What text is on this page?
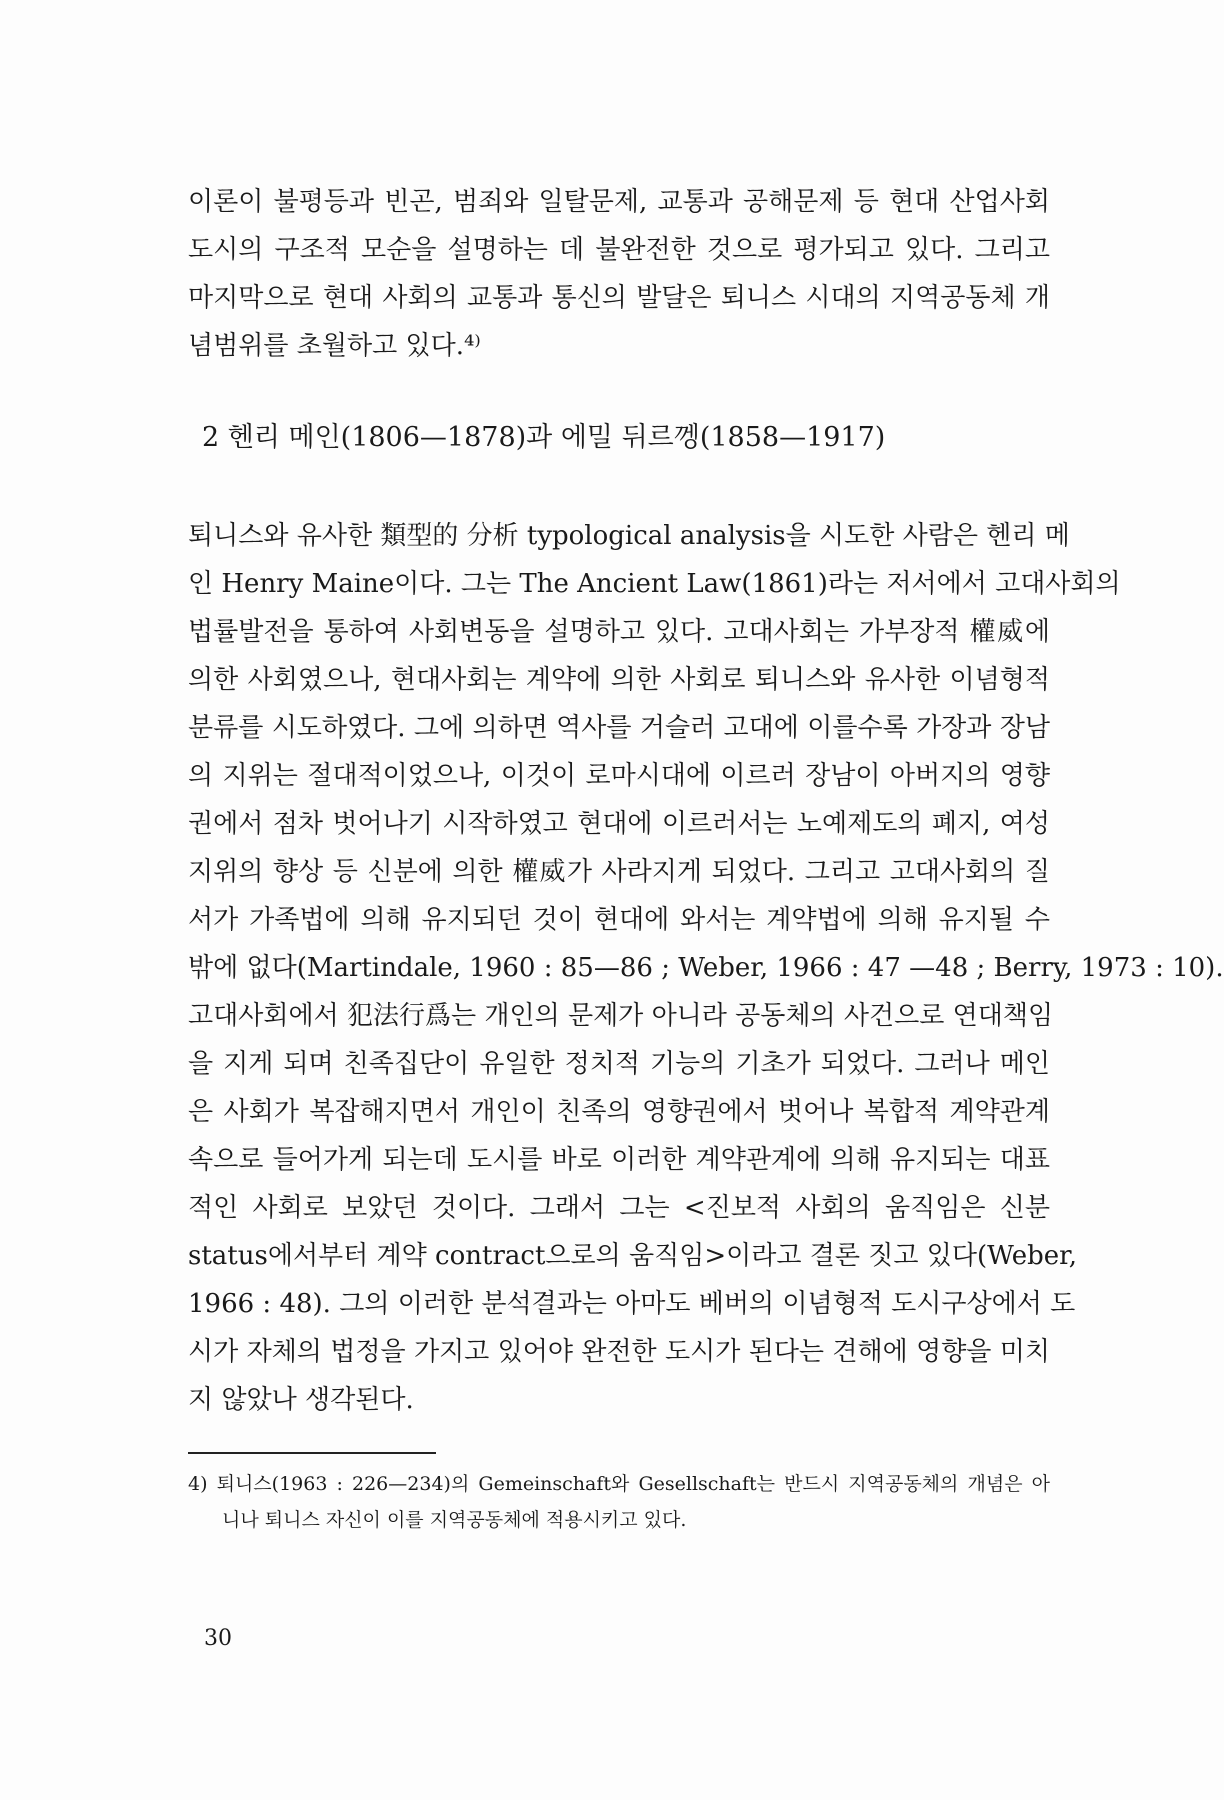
이론이 불평등과 빈곤, 범죄와 일탈문제, 교통과 공해문제 등 현대 산업사회
도시의 구조적 모순을 설명하는 데 불완전한 것으로 평가되고 있다. 그리고
마지막으로 현대 사회의 교통과 통신의 발달은 퇴니스 시대의 지역공동체 개
념범위를 초월하고 있다.⁴⁾
2 헨리 메인(1806—1878)과 에밀 뒤르껭(1858—1917)
퇴니스와 유사한 類型的 分析 typological analysis을 시도한 사람은 헨리 메
인 Henry Maine이다. 그는 The Ancient Law(1861)라는 저서에서 고대사회의
법률발전을 통하여 사회변동을 설명하고 있다. 고대사회는 가부장적 權威에
의한 사회였으나, 현대사회는 계약에 의한 사회로 퇴니스와 유사한 이념형적
분류를 시도하였다. 그에 의하면 역사를 거슬러 고대에 이를수록 가장과 장남
의 지위는 절대적이었으나, 이것이 로마시대에 이르러 장남이 아버지의 영향
권에서 점차 벗어나기 시작하였고 현대에 이르러서는 노예제도의 폐지, 여성
지위의 향상 등 신분에 의한 權威가 사라지게 되었다. 그리고 고대사회의 질
서가 가족법에 의해 유지되던 것이 현대에 와서는 계약법에 의해 유지될 수
밖에 없다(Martindale, 1960 : 85—86 ; Weber, 1966 : 47 —48 ; Berry, 1973 : 10).
고대사회에서 犯法行爲는 개인의 문제가 아니라 공동체의 사건으로 연대책임
을 지게 되며 친족집단이 유일한 정치적 기능의 기초가 되었다. 그러나 메인
은 사회가 복잡해지면서 개인이 친족의 영향권에서 벗어나 복합적 계약관계
속으로 들어가게 되는데 도시를 바로 이러한 계약관계에 의해 유지되는 대표
적인 사회로 보았던 것이다. 그래서 그는 <진보적 사회의 움직임은 신분
status에서부터 계약 contract으로의 움직임>이라고 결론 짓고 있다(Weber,
1966 : 48). 그의 이러한 분석결과는 아마도 베버의 이념형적 도시구상에서 도
시가 자체의 법정을 가지고 있어야 완전한 도시가 된다는 견해에 영향을 미치
지 않았나 생각된다.
4) 퇴니스(1963 : 226—234)의 Gemeinschaft와 Gesellschaft는 반드시 지역공동체의 개념은 아
니나 퇴니스 자신이 이를 지역공동체에 적용시키고 있다.
30
